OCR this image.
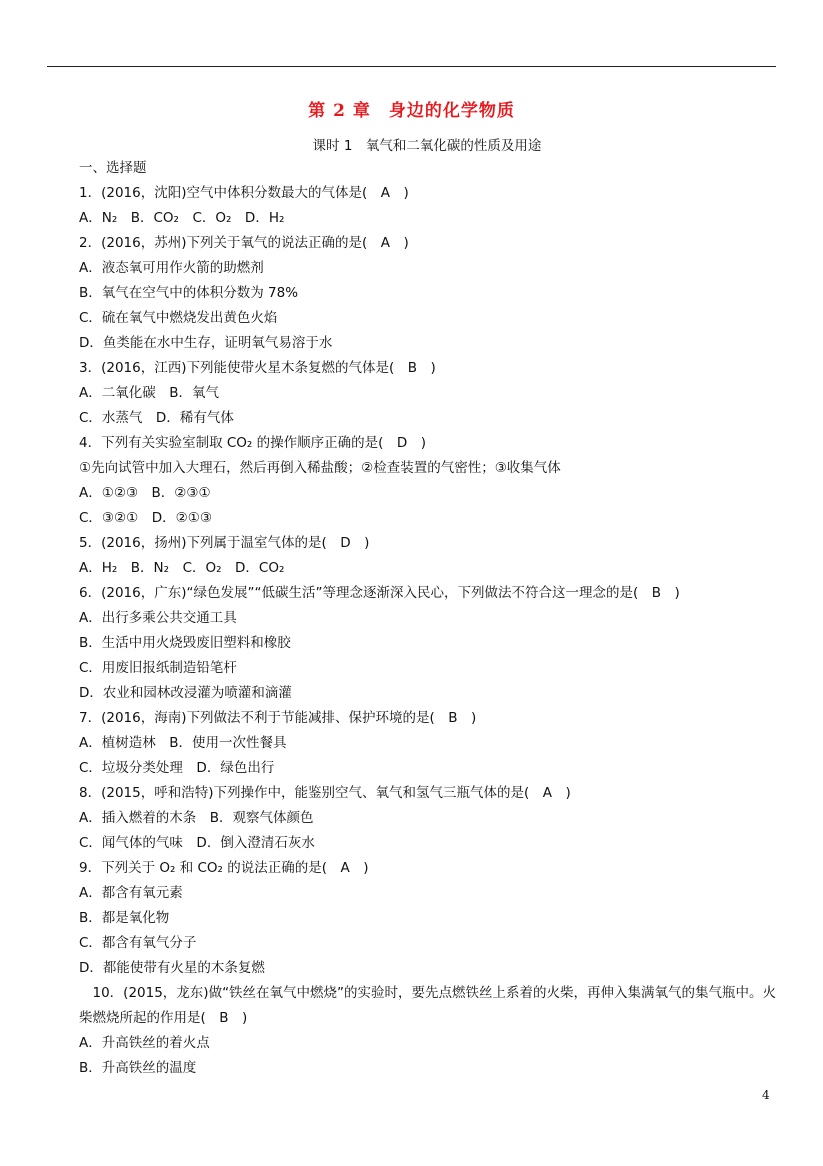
第 2 章　身边的化学物质
课时 1　氧气和二氧化碳的性质及用途
一、选择题
1．(2016，沈阳)空气中体积分数最大的气体是(　A　)
A．N₂　B．CO₂　C．O₂　D．H₂
2．(2016，苏州)下列关于氧气的说法正确的是(　A　)
A．液态氧可用作火箭的助燃剂
B．氧气在空气中的体积分数为 78%
C．硫在氧气中燃烧发出黄色火焰
D．鱼类能在水中生存，证明氧气易溶于水
3．(2016，江西)下列能使带火星木条复燃的气体是(　B　)
A．二氧化碳　B．氧气
C．水蒸气　D．稀有气体
4．下列有关实验室制取 CO₂ 的操作顺序正确的是(　D　)
①先向试管中加入大理石，然后再倒入稀盐酸；②检查装置的气密性；③收集气体
A．①②③　B．②③①
C．③②①　D．②①③
5．(2016，扬州)下列属于温室气体的是(　D　)
A．H₂　B．N₂　C．O₂　D．CO₂
6．(2016，广东)“绿色发展”“低碳生活”等理念逐渐深入民心，下列做法不符合这一理念的是(　B　)
A．出行多乘公共交通工具
B．生活中用火烧毁废旧塑料和橡胶
C．用废旧报纸制造铅笔杆
D．农业和园林改浸灌为喷灌和滴灌
7．(2016，海南)下列做法不利于节能减排、保护环境的是(　B　)
A．植树造林　B．使用一次性餐具
C．垃圾分类处理　D．绿色出行
8．(2015，呼和浩特)下列操作中，能鉴别空气、氧气和氢气三瓶气体的是(　A　)
A．插入燃着的木条　B．观察气体颜色
C．闻气体的气味　D．倒入澄清石灰水
9．下列关于 O₂ 和 CO₂ 的说法正确的是(　A　)
A．都含有氧元素
B．都是氧化物
C．都含有氧气分子
D．都能使带有火星的木条复燃
　10．(2015，龙东)做“铁丝在氧气中燃烧”的实验时，要先点燃铁丝上系着的火柴，再伸入集满氧气的集气瓶中。火柴燃烧所起的作用是(　B　)
A．升高铁丝的着火点
B．升高铁丝的温度
4
